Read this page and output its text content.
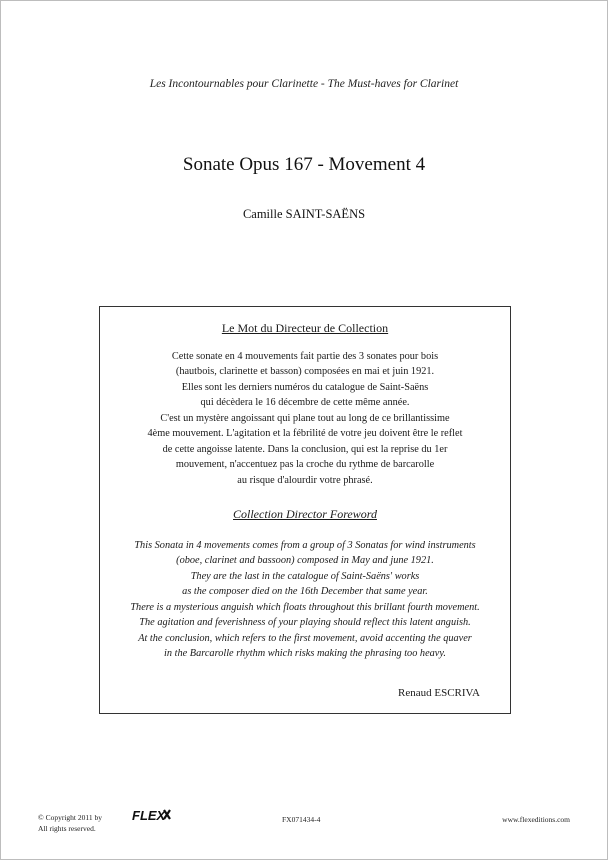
Les Incontournables pour Clarinette - The Must-haves for Clarinet
Sonate Opus 167 - Movement 4
Camille SAINT-SAËNS
Le Mot du Directeur de Collection
Cette sonate en 4 mouvements fait partie des 3 sonates pour bois
(hautbois, clarinette et basson) composées en mai et juin 1921.
Elles sont les derniers numéros du catalogue de Saint-Saëns
qui décèdera le 16 décembre de cette même année.
C'est un mystère angoissant qui plane tout au long de ce brillantissime
4ème mouvement. L'agitation et la fébrilité de votre jeu doivent être le reflet
de cette angoisse latente. Dans la conclusion, qui est la reprise du 1er
mouvement, n'accentuez pas la croche du rythme de barcarolle
au risque d'alourdir votre phrasé.
Collection Director Foreword
This Sonata in 4 movements comes from a group of 3 Sonatas for wind instruments
(oboe, clarinet and bassoon) composed in May and june 1921.
They are the last in the catalogue of Saint-Saëns' works
as the composer died on the 16th December that same year.
There is a mysterious anguish which floats throughout this brillant fourth movement.
The agitation and feverishness of your playing should reflect this latent anguish.
At the conclusion, which refers to the first movement, avoid accenting the quaver
in the Barcarolle rhythm which risks making the phrasing too heavy.
Renaud ESCRIVA
© Copyright 2011 by
All rights reserved.
FLEX	FX071434-4	www.flexeditions.com
